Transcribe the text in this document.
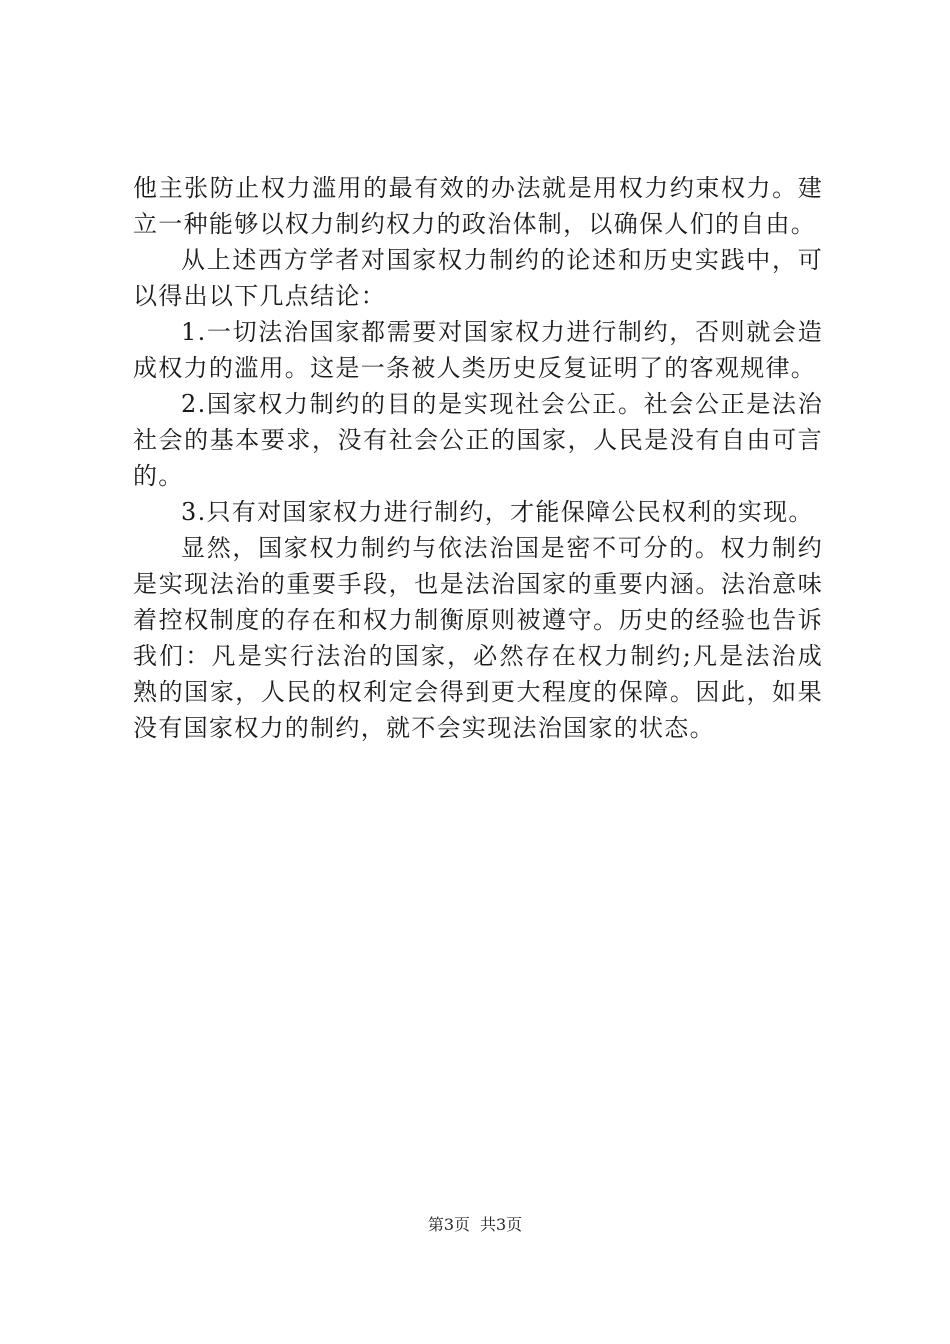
他主张防止权力滥用的最有效的办法就是用权力约束权力。建立一种能够以权力制约权力的政治体制，以确保人们的自由。

从上述西方学者对国家权力制约的论述和历史实践中，可以得出以下几点结论：

1.一切法治国家都需要对国家权力进行制约，否则就会造成权力的滥用。这是一条被人类历史反复证明了的客观规律。

2.国家权力制约的目的是实现社会公正。社会公正是法治社会的基本要求，没有社会公正的国家，人民是没有自由可言的。

3.只有对国家权力进行制约，才能保障公民权利的实现。

显然，国家权力制约与依法治国是密不可分的。权力制约是实现法治的重要手段，也是法治国家的重要内涵。法治意味着控权制度的存在和权力制衡原则被遵守。历史的经验也告诉我们：凡是实行法治的国家，必然存在权力制约;凡是法治成熟的国家，人民的权利定会得到更大程度的保障。因此，如果没有国家权力的制约，就不会实现法治国家的状态。

第3页 共3页
